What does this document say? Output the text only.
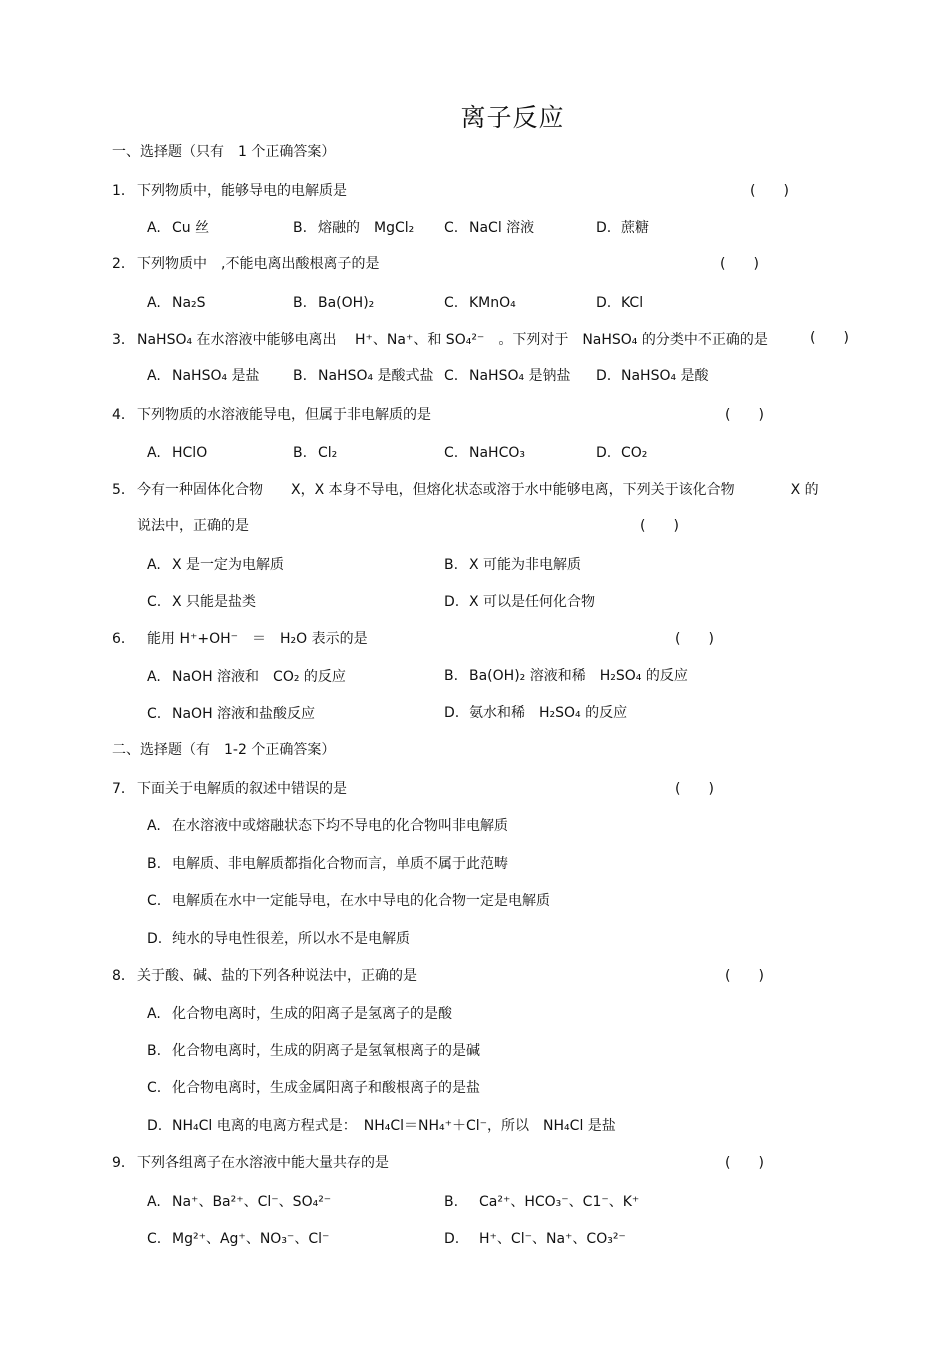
离子反应
一、选择题（只有　1 个正确答案）
1． 下列物质中，能够导电的电解质是	(　　)
A. Cu 丝	B. 熔融的　MgCl₂ C. NaCl 溶液	D. 蔗糖
2． 下列物质中　,不能电离出酸根离子的是	(　　)
A. Na₂S	B. Ba(OH)₂	C. KMnO₄	D. KCl
3． NaHSO₄ 在水溶液中能够电离出　 H⁺、Na⁺、和 SO₄²⁻　。下列对于　NaHSO₄ 的分类中不正确的是	(　　)
A. NaHSO₄ 是盐 B. NaHSO₄ 是酸式盐 C. NaHSO₄ 是钠盐 D. NaHSO₄ 是酸
4． 下列物质的水溶液能导电，但属于非电解质的是	(　　)
A. HClO	B. Cl₂	C. NaHCO₃	D. CO₂
5． 今有一种固体化合物　　X，X 本身不导电，但熔化状态或溶于水中能够电离，下列关于该化合物　　　　X 的
说法中，正确的是	(　　)
A. X 是一定为电解质	B. X 可能为非电解质
C. X 只能是盐类	D. X 可以是任何化合物
6． 能用 H⁺+OH⁻　＝　H₂O 表示的是	(　　)
A. NaOH 溶液和　CO₂ 的反应	B. Ba(OH)₂ 溶液和稀　H₂SO₄ 的反应
C. NaOH 溶液和盐酸反应	D. 氨水和稀　H₂SO₄ 的反应
二、选择题（有　1-2 个正确答案）
7． 下面关于电解质的叙述中错误的是	(　　)
A. 在水溶液中或熔融状态下均不导电的化合物叫非电解质
B. 电解质、非电解质都指化合物而言，单质不属于此范畴
C. 电解质在水中一定能导电，在水中导电的化合物一定是电解质
D. 纯水的导电性很差，所以水不是电解质
8． 关于酸、碱、盐的下列各种说法中，正确的是	(　　)
A. 化合物电离时，生成的阳离子是氢离子的是酸
B. 化合物电离时，生成的阴离子是氢氧根离子的是碱
C. 化合物电离时，生成金属阳离子和酸根离子的是盐
D. NH₄Cl 电离的电离方程式是：　NH₄Cl＝NH₄⁺＋Cl⁻，所以　NH₄Cl 是盐
9． 下列各组离子在水溶液中能大量共存的是	(　　)
A. Na⁺、Ba²⁺、Cl⁻、SO₄²⁻	B. Ca²⁺、HCO₃⁻、C1⁻、K⁺
C. Mg²⁺、Ag⁺、NO₃⁻、Cl⁻	D. H⁺、Cl⁻、Na⁺、CO₃²⁻
